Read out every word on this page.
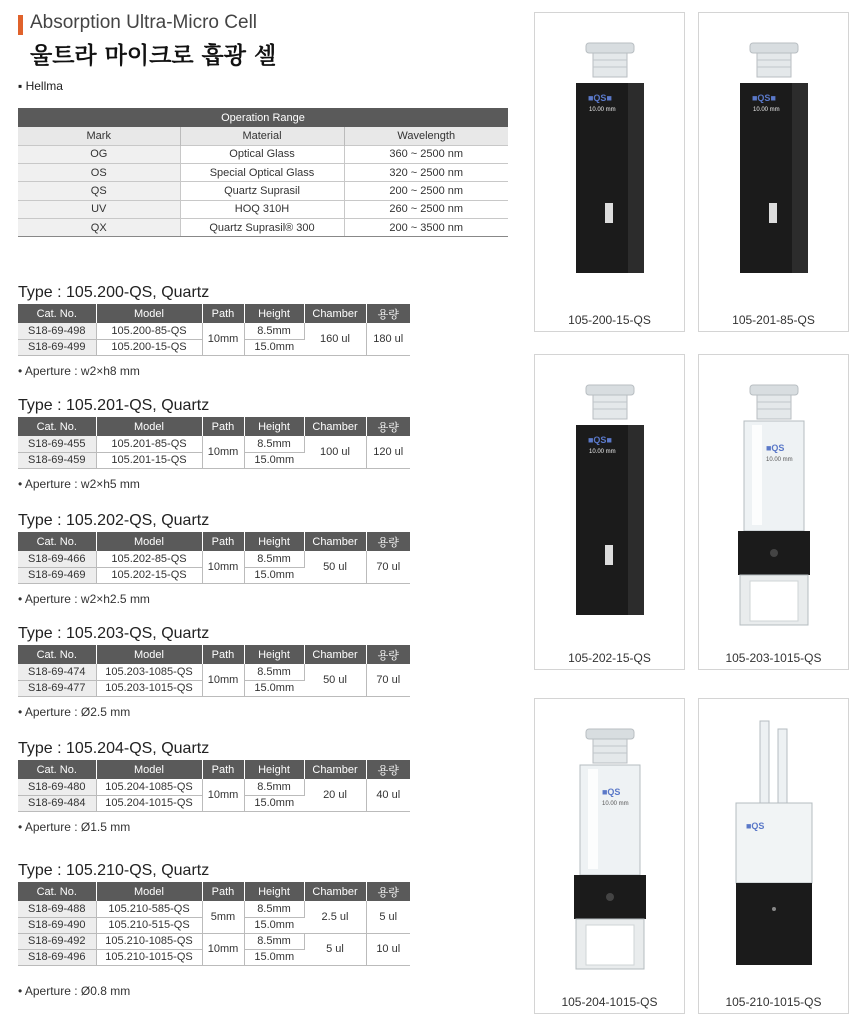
Absorption Ultra-Micro Cell
울트라 마이크로 흡광 셀
▪ Hellma
Operation Range		
Mark	Material	Wavelength
OG	Optical Glass	360 ~ 2500 nm
OS	Special Optical Glass	320 ~ 2500 nm
QS	Quartz Suprasil	200 ~ 2500 nm
UV	HOQ 310H	260 ~ 2500 nm
QX	Quartz Suprasil® 300	200 ~ 3500 nm
Type : 105.200-QS, Quartz
Cat. No.	Model	Path	Height	Chamber	용량
S18-69-498	105.200-85-QS	10mm	8.5mm	160 ul	180 ul
S18-69-499	105.200-15-QS		15.0mm		
• Aperture : w2×h8 mm
Type : 105.201-QS, Quartz
Cat. No.	Model	Path	Height	Chamber	용량
S18-69-455	105.201-85-QS	10mm	8.5mm	100 ul	120 ul
S18-69-459	105.201-15-QS		15.0mm		
• Aperture : w2×h5 mm
Type : 105.202-QS, Quartz
Cat. No.	Model	Path	Height	Chamber	용량
S18-69-466	105.202-85-QS	10mm	8.5mm	50 ul	70 ul
S18-69-469	105.202-15-QS		15.0mm		
• Aperture : w2×h2.5 mm
Type : 105.203-QS, Quartz
Cat. No.	Model	Path	Height	Chamber	용량
S18-69-474	105.203-1085-QS	10mm	8.5mm	50 ul	70 ul
S18-69-477	105.203-1015-QS		15.0mm		
• Aperture : Ø2.5 mm
Type : 105.204-QS, Quartz
Cat. No.	Model	Path	Height	Chamber	용량
S18-69-480	105.204-1085-QS	10mm	8.5mm	20 ul	40 ul
S18-69-484	105.204-1015-QS		15.0mm		
• Aperture : Ø1.5 mm
Type : 105.210-QS, Quartz
Cat. No.	Model	Path	Height	Chamber	용량
S18-69-488	105.210-585-QS	5mm	8.5mm	2.5 ul	5 ul
S18-69-490	105.210-515-QS		15.0mm		
S18-69-492	105.210-1085-QS	10mm	8.5mm	5 ul	10 ul
S18-69-496	105.210-1015-QS		15.0mm		
• Aperture : Ø0.8 mm
■QS■
10.00 mm
105-200-15-QS
■QS■
10.00 mm
105-201-85-QS
■QS■
10.00 mm
105-202-15-QS
■QS
10.00 mm
105-203-1015-QS
■QS
10.00 mm
105-204-1015-QS
■QS
105-210-1015-QS
